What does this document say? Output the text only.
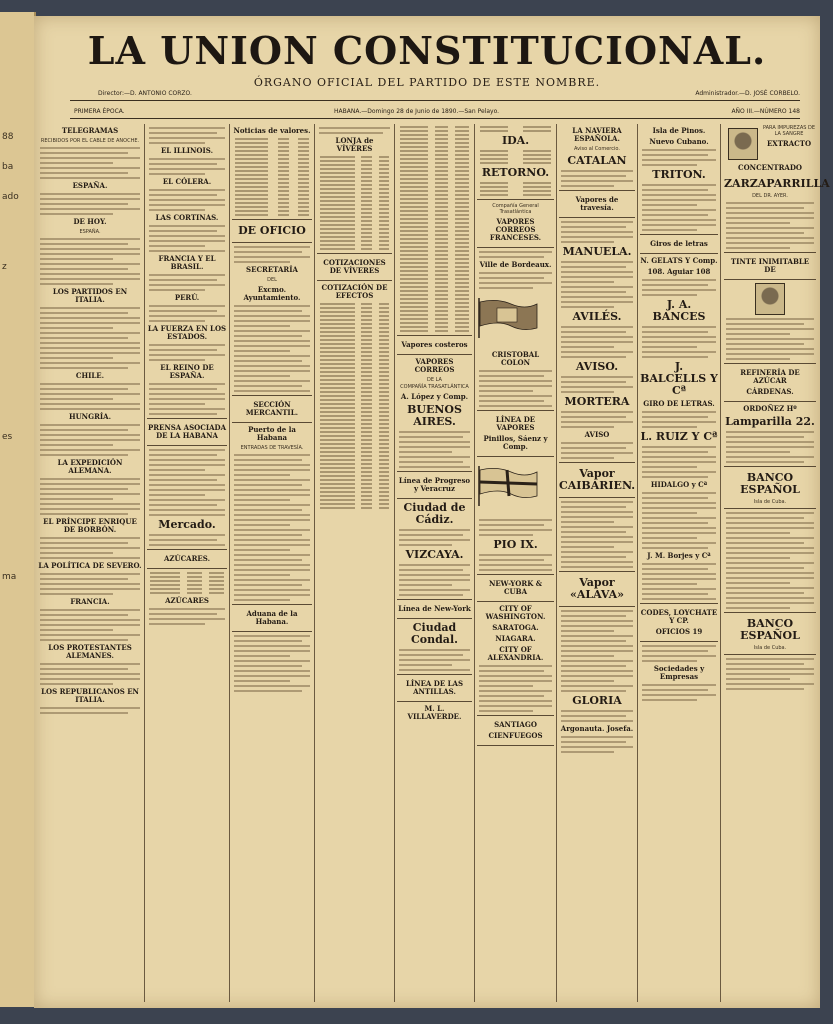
88
ba
ado
z
es
ma
LA UNION CONSTITUCIONAL.
ÓRGANO OFICIAL DEL PARTIDO DE ESTE NOMBRE.
Director:—D. ANTONIO CORZO.	Administrador.—D. JOSÉ CORBELO.
PRIMERA ÉPOCA.	HABANA.—Domingo 28 de Junio de 1890.—San Pelayo.	AÑO III.—NÚMERO 148
TELEGRAMAS
RECIBIDOS POR EL CABLE DE ANOCHE.
ESPAÑA.
DE HOY.
ESPAÑA.
LOS PARTIDOS EN ITALIA.
CHILE.
HUNGRÍA.
LA EXPEDICIÓN ALEMANA.
EL PRÍNCIPE ENRIQUE DE BORBÓN.
LA POLÍTICA DE SEVERO.
FRANCIA.
LOS PROTESTANTES ALEMANES.
LOS REPUBLICANOS EN ITALIA.
EL ILLINOIS.
EL CÓLERA.
LAS CORTINAS.
FRANCIA Y EL BRASIL.
PERÚ.
LA FUERZA EN LOS ESTADOS.
EL REINO DE ESPAÑA.
PRENSA ASOCIADA DE LA HABANA
Mercado.
AZÚCARES.
AZÚCARES
Noticias de valores.
DE OFICIO
SECRETARÍA
DEL
Excmo. Ayuntamiento.
SECCIÓN MERCANTIL.
Puerto de la Habana
ENTRADAS DE TRAVESÍA.
Aduana de la Habana.
LONJA de VÍVERES
COTIZACIONES DE VÍVERES
COTIZACIÓN DE EFECTOS
Vapores costeros
VAPORES CORREOS
DE LA
COMPAÑÍA TRASATLÁNTICA
A. López y Comp.
BUENOS AIRES.
Línea de Progreso y Veracruz
Ciudad de Cádiz.
VIZCAYA.
Línea de New-York
Ciudad Condal.
LÍNEA DE LAS ANTILLAS.
M. L. VILLAVERDE.
IDA.
RETORNO.
Compañía General Trasatlántica
VAPORES CORREOS FRANCESES.
Ville de Bordeaux.
CRISTOBAL COLON
LÍNEA DE VAPORES
Pinillos, Sáenz y Comp.
PIO IX.
NEW-YORK & CUBA
CITY OF WASHINGTON.
SARATOGA.
NIAGARA.
CITY OF ALEXANDRIA.
SANTIAGO
CIENFUEGOS
LA NAVIERA ESPAÑOLA.
Aviso al Comercio.
CATALAN
Vapores de travesía.
MANUELA.
AVILÉS.
AVISO.
MORTERA
AVISO
Vapor CAIBARIEN.
Vapor «ALAVA»
GLORIA
Argonauta. Josefa.
Isla de Pinos.
Nuevo Cubano.
TRITON.
Giros de letras
N. GELATS Y Comp.
108. Aguiar 108
J. A. BANCES
J. BALCELLS Y Cª
GIRO DE LETRAS.
L. RUIZ Y Cª
HIDALGO y Cª
J. M. Borjes y Cª
CODES, LOYCHATE Y CP.
OFICIOS 19
Sociedades y Empresas
PARA IMPUREZAS DE LA SANGRE
EXTRACTO CONCENTRADO
ZARZAPARRILLA
DEL DR. AYER.
TINTE INIMITABLE DE
REFINERÍA DE AZÚCAR
CÁRDENAS.
ORDOÑEZ Hº
Lamparilla 22.
BANCO ESPAÑOL
Isla de Cuba.
BANCO ESPAÑOL
Isla de Cuba.
